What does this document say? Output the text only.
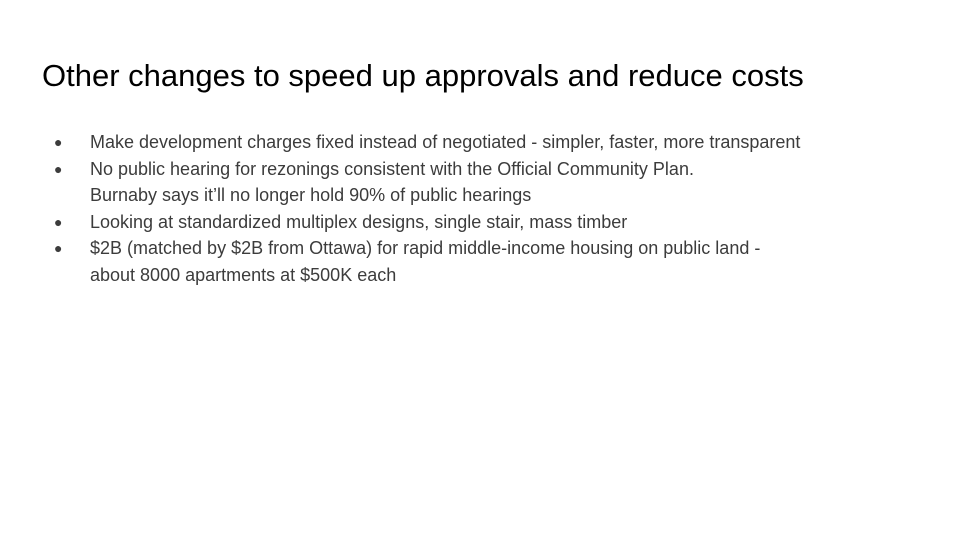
Other changes to speed up approvals and reduce costs
● Make development charges fixed instead of negotiated - simpler, faster, more transparent
● No public hearing for rezonings consistent with the Official Community Plan.
Burnaby says it’ll no longer hold 90% of public hearings
● Looking at standardized multiplex designs, single stair, mass timber
● $2B (matched by $2B from Ottawa) for rapid middle-income housing on public land -
about 8000 apartments at $500K each
